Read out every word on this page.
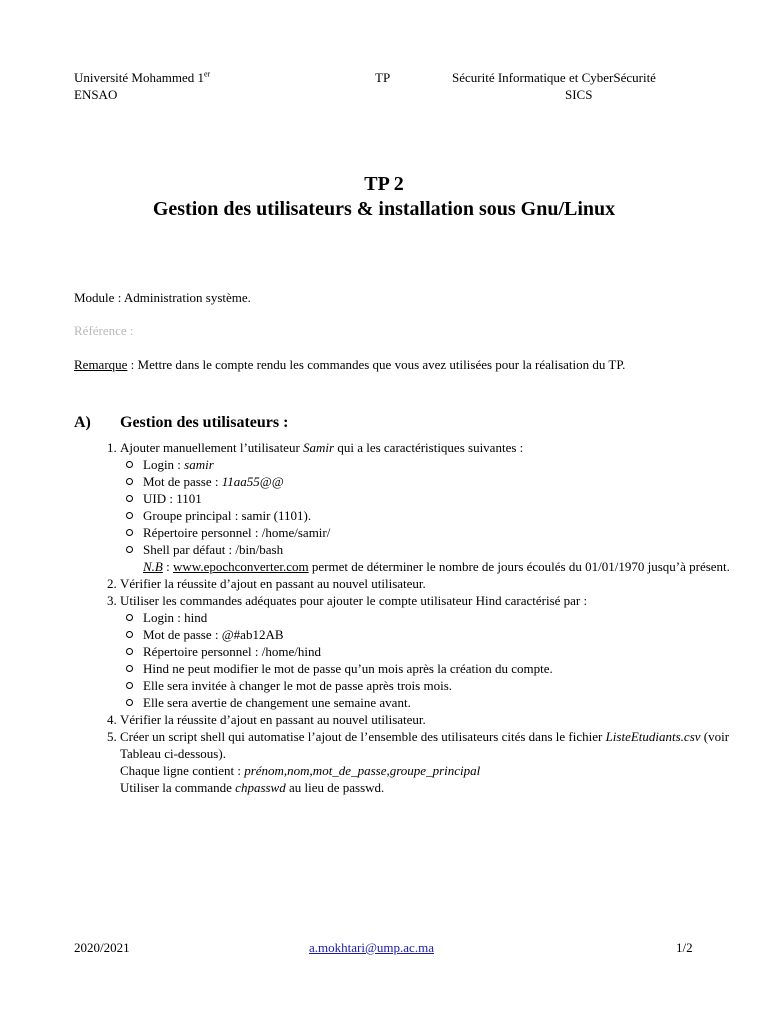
Université Mohammed 1er
ENSAO
TP	Sécurité Informatique et CyberSécurité
SICS
TP 2
Gestion des utilisateurs & installation sous Gnu/Linux
Module : Administration système.
Référence :
Remarque : Mettre dans le compte rendu les commandes que vous avez utilisées pour la réalisation du TP.
A) Gestion des utilisateurs :
1. Ajouter manuellement l’utilisateur Samir qui a les caractéristiques suivantes :
Login : samir
Mot de passe : 11aa55@@
UID : 1101
Groupe principal : samir (1101).
Répertoire personnel : /home/samir/
Shell par défaut : /bin/bash
N.B : www.epochconverter.com permet de déterminer le nombre de jours écoulés du 01/01/1970 jusqu’à présent.
2. Vérifier la réussite d’ajout en passant au nouvel utilisateur.
3. Utiliser les commandes adéquates pour ajouter le compte utilisateur Hind caractérisé par :
Login : hind
Mot de passe : @#ab12AB
Répertoire personnel : /home/hind
Hind ne peut modifier le mot de passe qu’un mois après la création du compte.
Elle sera invitée à changer le mot de passe après trois mois.
Elle sera avertie de changement une semaine avant.
4. Vérifier la réussite d’ajout en passant au nouvel utilisateur.
5. Créer un script shell qui automatise l’ajout de l’ensemble des utilisateurs cités dans le fichier ListeEtudiants.csv (voir Tableau ci-dessous).
Chaque ligne contient : prénom,nom,mot_de_passe,groupe_principal
Utiliser la commande chpasswd au lieu de passwd.
2020/2021	a.mokhtari@ump.ac.ma	1/2
